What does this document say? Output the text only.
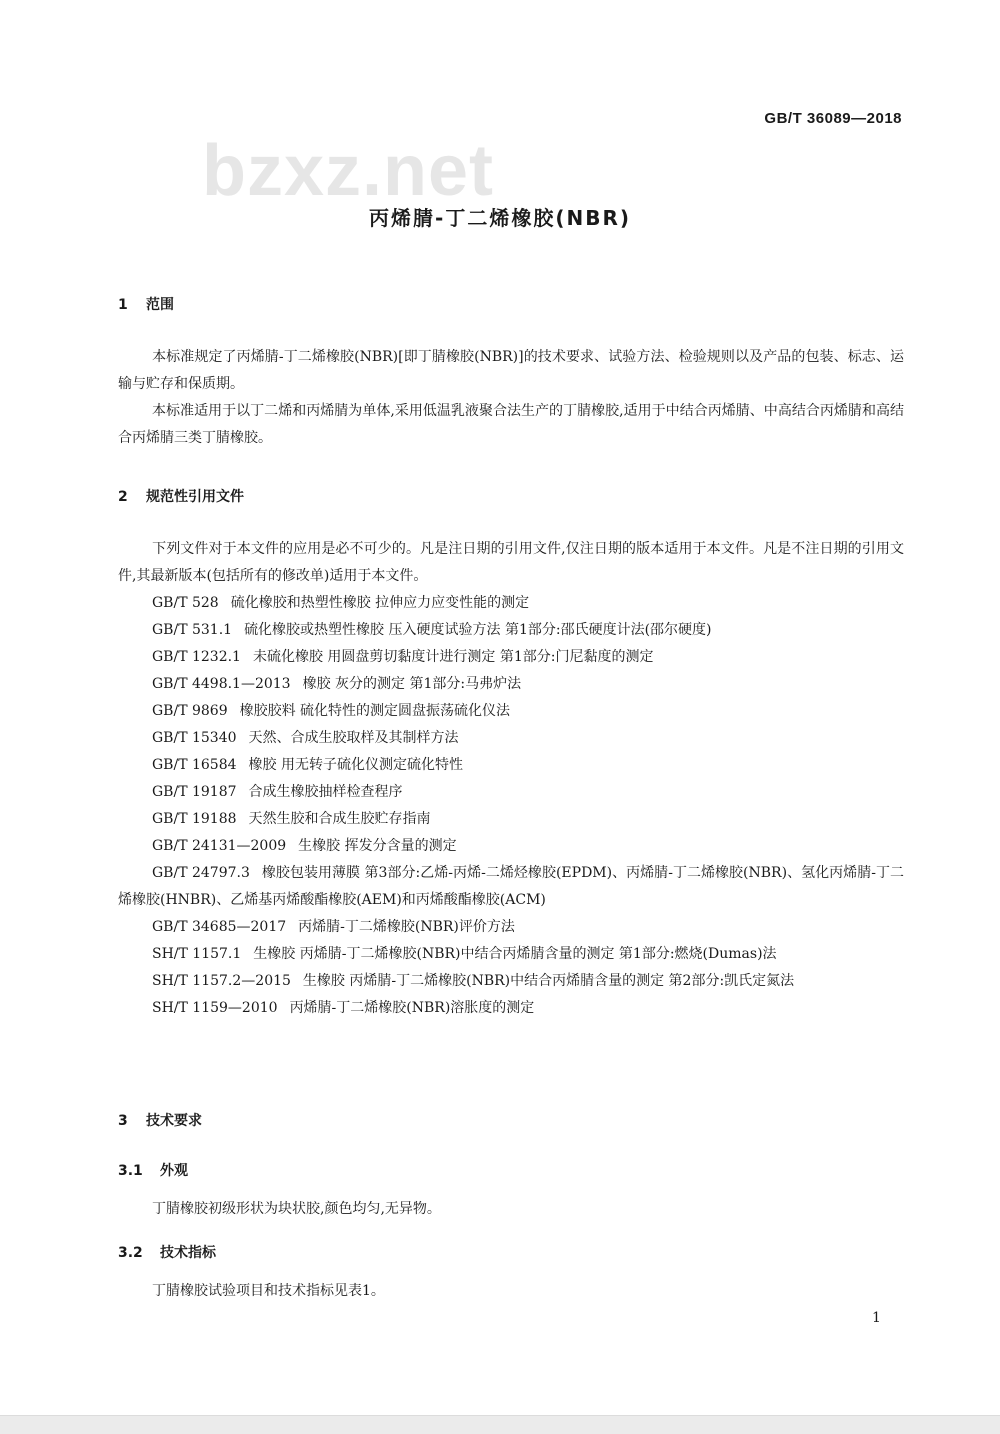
GB/T 36089—2018
bzxz.net
丙烯腈-丁二烯橡胶(NBR)
1 范围
本标准规定了丙烯腈-丁二烯橡胶(NBR)[即丁腈橡胶(NBR)]的技术要求、试验方法、检验规则以及产品的包装、标志、运输与贮存和保质期。
本标准适用于以丁二烯和丙烯腈为单体,采用低温乳液聚合法生产的丁腈橡胶,适用于中结合丙烯腈、中高结合丙烯腈和高结合丙烯腈三类丁腈橡胶。
2 规范性引用文件
下列文件对于本文件的应用是必不可少的。凡是注日期的引用文件,仅注日期的版本适用于本文件。凡是不注日期的引用文件,其最新版本(包括所有的修改单)适用于本文件。
GB/T 528 硫化橡胶和热塑性橡胶 拉伸应力应变性能的测定
GB/T 531.1 硫化橡胶或热塑性橡胶 压入硬度试验方法 第1部分:邵氏硬度计法(邵尔硬度)
GB/T 1232.1 未硫化橡胶 用圆盘剪切黏度计进行测定 第1部分:门尼黏度的测定
GB/T 4498.1—2013 橡胶 灰分的测定 第1部分:马弗炉法
GB/T 9869 橡胶胶料 硫化特性的测定圆盘振荡硫化仪法
GB/T 15340 天然、合成生胶取样及其制样方法
GB/T 16584 橡胶 用无转子硫化仪测定硫化特性
GB/T 19187 合成生橡胶抽样检查程序
GB/T 19188 天然生胶和合成生胶贮存指南
GB/T 24131—2009 生橡胶 挥发分含量的测定
GB/T 24797.3 橡胶包装用薄膜 第3部分:乙烯-丙烯-二烯烃橡胶(EPDM)、丙烯腈-丁二烯橡胶(NBR)、氢化丙烯腈-丁二烯橡胶(HNBR)、乙烯基丙烯酸酯橡胶(AEM)和丙烯酸酯橡胶(ACM)
GB/T 34685—2017 丙烯腈-丁二烯橡胶(NBR)评价方法
SH/T 1157.1 生橡胶 丙烯腈-丁二烯橡胶(NBR)中结合丙烯腈含量的测定 第1部分:燃烧(Dumas)法
SH/T 1157.2—2015 生橡胶 丙烯腈-丁二烯橡胶(NBR)中结合丙烯腈含量的测定 第2部分:凯氏定氮法
SH/T 1159—2010 丙烯腈-丁二烯橡胶(NBR)溶胀度的测定
3 技术要求
3.1 外观
丁腈橡胶初级形状为块状胶,颜色均匀,无异物。
3.2 技术指标
丁腈橡胶试验项目和技术指标见表1。
1
